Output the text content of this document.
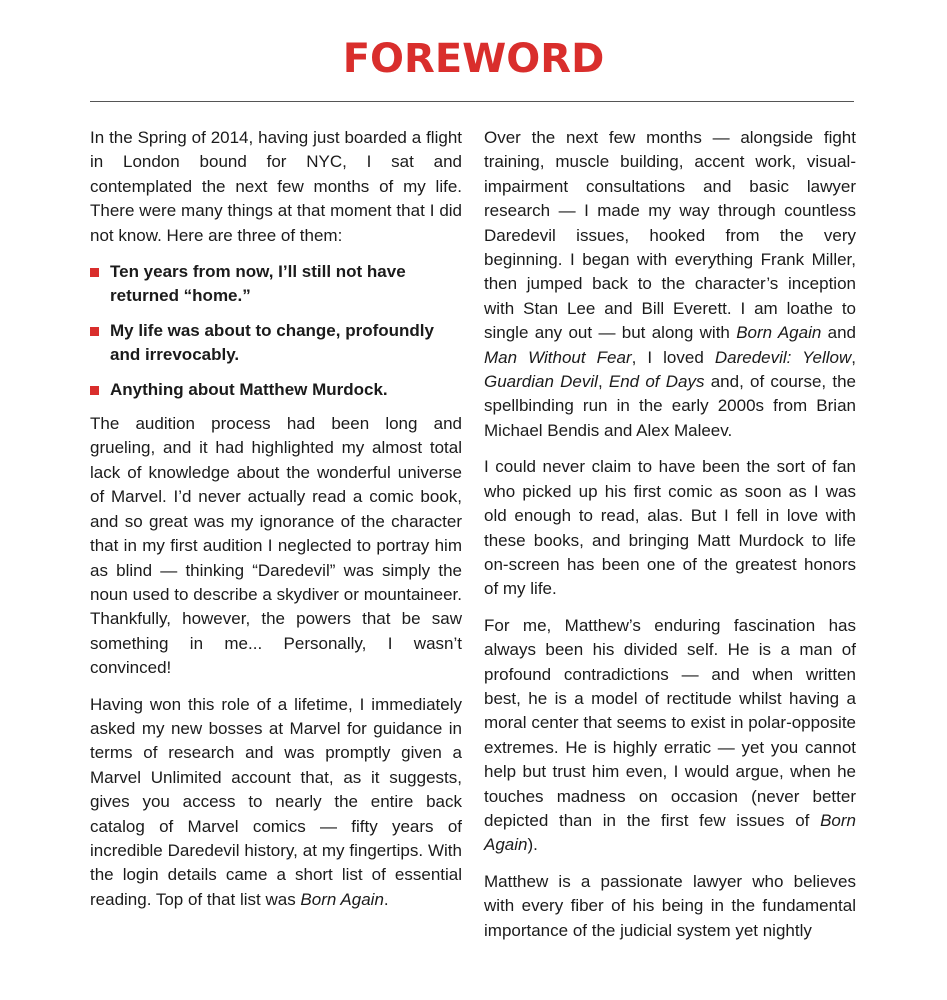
FOREWORD

In the Spring of 2014, having just boarded a flight in London bound for NYC, I sat and contemplated the next few months of my life. There were many things at that moment that I did not know. Here are three of them:

Ten years from now, I’ll still not have returned “home.”
My life was about to change, profoundly and irrevocably.
Anything about Matthew Murdock.

The audition process had been long and grueling, and it had highlighted my almost total lack of knowledge about the wonderful universe of Marvel. I’d never actually read a comic book, and so great was my ignorance of the character that in my first audition I neglected to portray him as blind — thinking “Daredevil” was simply the noun used to describe a skydiver or mountaineer. Thankfully, however, the powers that be saw something in me... Personally, I wasn’t convinced!

Having won this role of a lifetime, I immediately asked my new bosses at Marvel for guidance in terms of research and was promptly given a Marvel Unlimited account that, as it suggests, gives you access to nearly the entire back catalog of Marvel comics — fifty years of incredible Daredevil history, at my fingertips. With the login details came a short list of essential reading. Top of that list was Born Again.

Over the next few months — alongside fight training, muscle building, accent work, visual-impairment consultations and basic lawyer research — I made my way through countless Daredevil issues, hooked from the very beginning. I began with everything Frank Miller, then jumped back to the character’s inception with Stan Lee and Bill Everett. I am loathe to single any out — but along with Born Again and Man Without Fear, I loved Daredevil: Yellow, Guardian Devil, End of Days and, of course, the spellbinding run in the early 2000s from Brian Michael Bendis and Alex Maleev.

I could never claim to have been the sort of fan who picked up his first comic as soon as I was old enough to read, alas. But I fell in love with these books, and bringing Matt Murdock to life on-screen has been one of the greatest honors of my life.

For me, Matthew’s enduring fascination has always been his divided self. He is a man of profound contradictions — and when written best, he is a model of rectitude whilst having a moral center that seems to exist in polar-opposite extremes. He is highly erratic — yet you cannot help but trust him even, I would argue, when he touches madness on occasion (never better depicted than in the first few issues of Born Again).

Matthew is a passionate lawyer who believes with every fiber of his being in the fundamental importance of the judicial system yet nightly
